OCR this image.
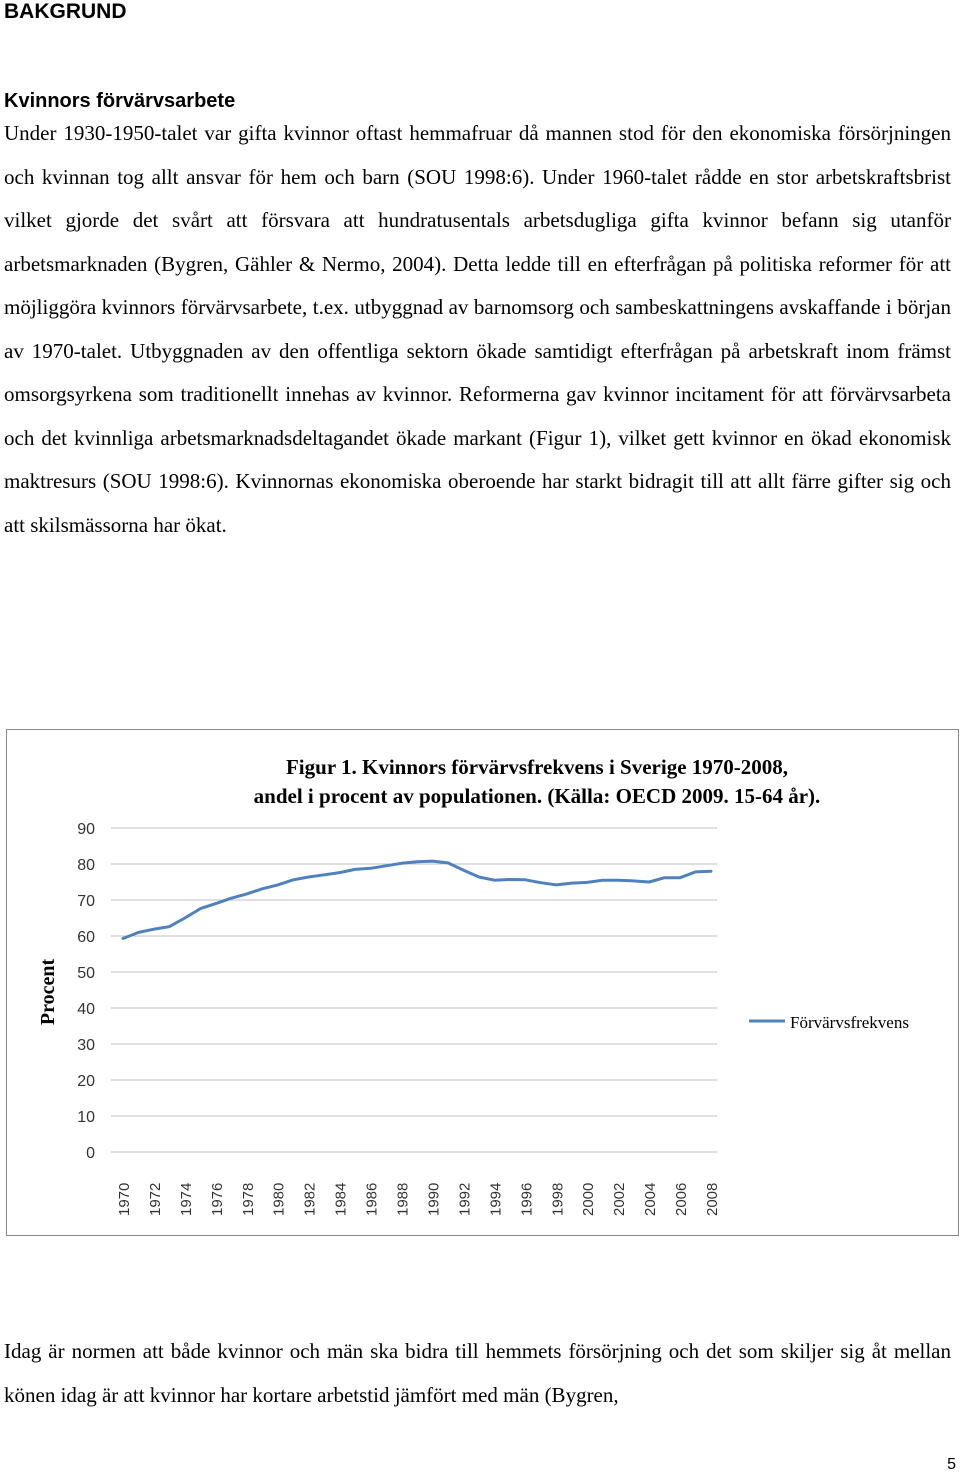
BAKGRUND
Kvinnors förvärvsarbete

Under 1930-1950-talet var gifta kvinnor oftast hemmafruar då mannen stod för den ekonomiska försörjningen och kvinnan tog allt ansvar för hem och barn (SOU 1998:6). Under 1960-talet rådde en stor arbetskraftsbrist vilket gjorde det svårt att försvara att hundratusentals arbetsdugliga gifta kvinnor befann sig utanför arbetsmarknaden (Bygren, Gähler & Nermo, 2004). Detta ledde till en efterfrågan på politiska reformer för att möjliggöra kvinnors förvärvsarbete, t.ex. utbyggnad av barnomsorg och sambeskattningens avskaffande i början av 1970-talet. Utbyggnaden av den offentliga sektorn ökade samtidigt efterfrågan på arbetskraft inom främst omsorgsyrkena som traditionellt innehas av kvinnor. Reformerna gav kvinnor incitament för att förvärvsarbeta och det kvinnliga arbetsmarknadsdeltagandet ökade markant (Figur 1), vilket gett kvinnor en ökad ekonomisk maktresurs (SOU 1998:6). Kvinnornas ekonomiska oberoende har starkt bidragit till att allt färre gifter sig och att skilsmässorna har ökat.

Figur 1. Kvinnors förvärvsfrekvens i Sverige 1970-2008,
andel i procent av populationen. (Källa: OECD 2009. 15-64 år).
Procent
0
10
20
30
40
50
60
70
80
90
1970 1972 1974 1976 1978 1980 1982 1984 1986 1988 1990 1992 1994 1996 1998 2000 2002 2004 2006 2008
Förvärvsfrekvens

Idag är normen att både kvinnor och män ska bidra till hemmets försörjning och det som skiljer sig åt mellan könen idag är att kvinnor har kortare arbetstid jämfört med män (Bygren,

5
